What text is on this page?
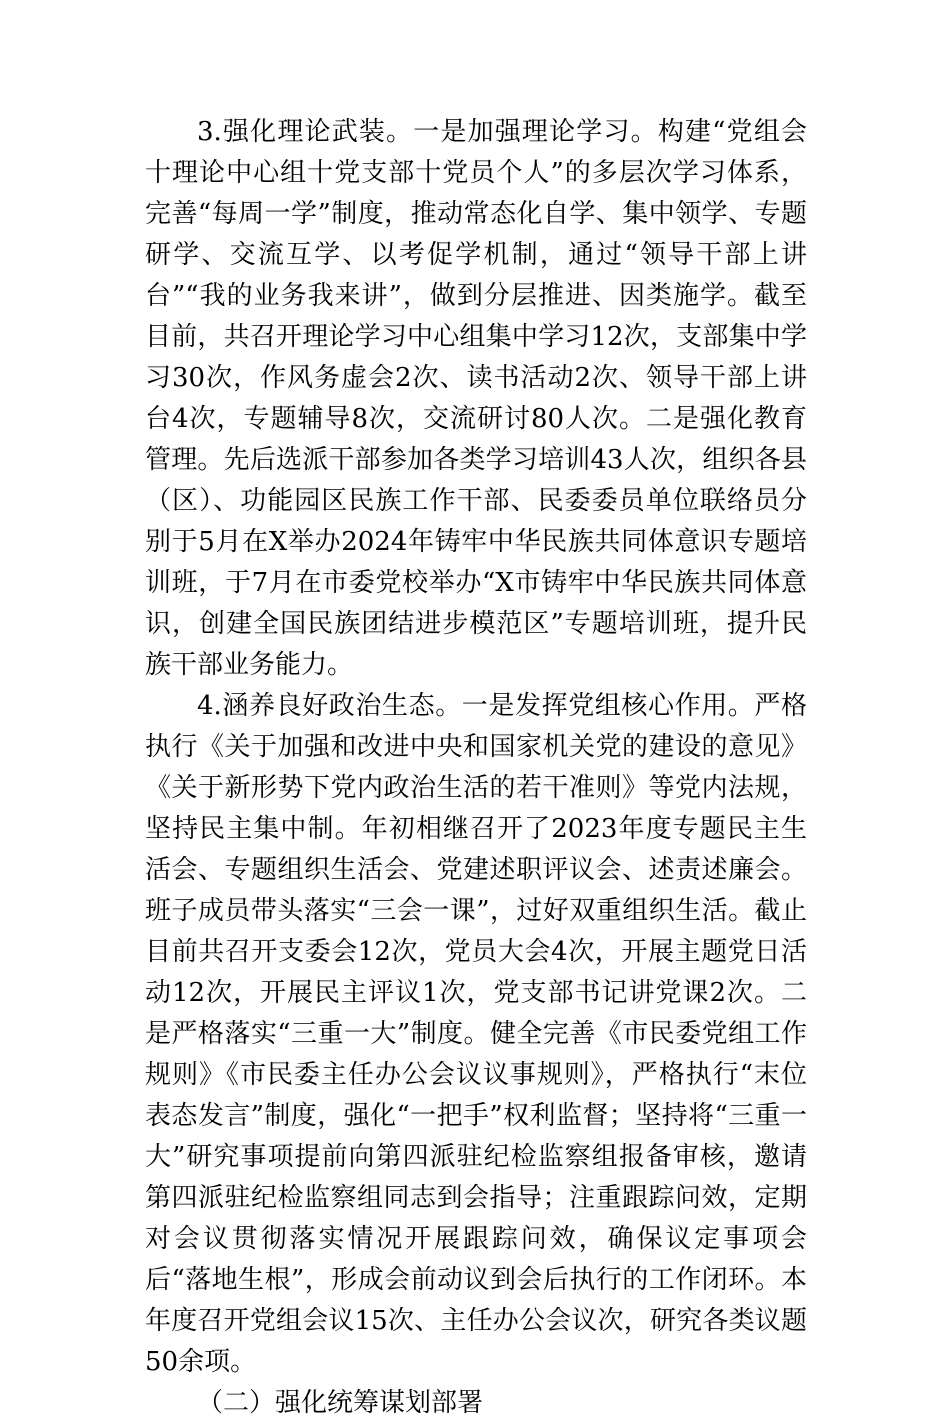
3.强化理论武装。一是加强理论学习。构建“党组会十理论中心组十党支部十党员个人”的多层次学习体系，完善“每周一学”制度，推动常态化自学、集中领学、专题研学、交流互学、以考促学机制，通过“领导干部上讲台”“我的业务我来讲”，做到分层推进、因类施学。截至目前，共召开理论学习中心组集中学习12次，支部集中学习30次，作风务虚会2次、读书活动2次、领导干部上讲台4次，专题辅导8次，交流研讨80人次。二是强化教育管理。先后选派干部参加各类学习培训43人次，组织各县（区）、功能园区民族工作干部、民委委员单位联络员分别于5月在X举办2024年铸牢中华民族共同体意识专题培训班，于7月在市委党校举办“X市铸牢中华民族共同体意识，创建全国民族团结进步模范区”专题培训班，提升民族干部业务能力。

4.涵养良好政治生态。一是发挥党组核心作用。严格执行《关于加强和改进中央和国家机关党的建设的意见》《关于新形势下党内政治生活的若干准则》等党内法规，坚持民主集中制。年初相继召开了2023年度专题民主生活会、专题组织生活会、党建述职评议会、述责述廉会。班子成员带头落实“三会一课”，过好双重组织生活。截止目前共召开支委会12次，党员大会4次，开展主题党日活动12次，开展民主评议1次，党支部书记讲党课2次。二是严格落实“三重一大”制度。健全完善《市民委党组工作规则》《市民委主任办公会议议事规则》，严格执行“末位表态发言”制度，强化“一把手”权利监督；坚持将“三重一大”研究事项提前向第四派驻纪检监察组报备审核，邀请第四派驻纪检监察组同志到会指导；注重跟踪问效，定期对会议贯彻落实情况开展跟踪问效，确保议定事项会后“落地生根”，形成会前动议到会后执行的工作闭环。本年度召开党组会议15次、主任办公会议次，研究各类议题50余项。

（二）强化统筹谋划部署
